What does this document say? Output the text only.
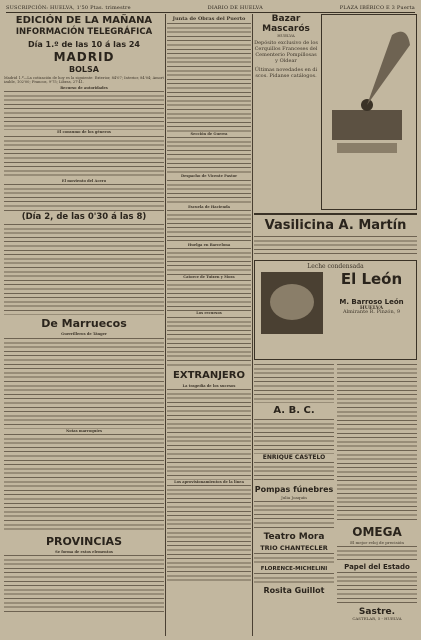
SUSCRIPCIÓN: HUELVA, 1'50 Ptas. trimestre	DIARIO DE HUELVA	PLAZA IBÉRICO E 3 Puerta
EDICIÓN DE LA MAÑANA
INFORMACIÓN TELEGRÁFICA
Día 1.º de las 10 á las 24
MADRID
BOLSA
Madrid 1.º—La cotización de hoy es la siguiente: Exterior, 84'07; Interior, 84'04; Amortizable, 102'00; Francos, 9'75; Libras, 27'41.
Recurso de autoridades
El consumo de los géneros
El moviento del Acero
(Día 2, de las 0'30 á las 8)
De Marruecos
Guerrilleros de Tánger
Notas marroquíes
PROVINCIAS
Se forma de estos elementos
Junta de Obras del Puerto
Sección de Guerra
Despacho de Vicente Pastor
Escuela de Hacienda
Huelga en Barcelona
Catorce de Tuixen y Mora
Los recursos
EXTRANJERO
La tragedia de los sucesos
Los aprovisionamientos de la linea
Bazar Mascarós
HUELVA
Depósito exclusivo de los Cerquillos Franceses del Cementerio Pompillosas y Oldear
Últimas novedades en discos. Pidanse catálogos.
Vasilicina A. Martín
Leche condensada
El León
M. Barroso León
HUELVA
Almirante R. Pinzón, 9
A. B. C.
ENRIQUE CASTELO
Pompas fúnebres
Julia Joaquín
Teatro Mora
TRIO CHANTECLER
FLORENCE-MICHELINI
Rosita Guillot
OMEGA
El mejor reloj de precisión
Papel del Estado
Sastre.
CASTELAR, 5 - HUELVA
